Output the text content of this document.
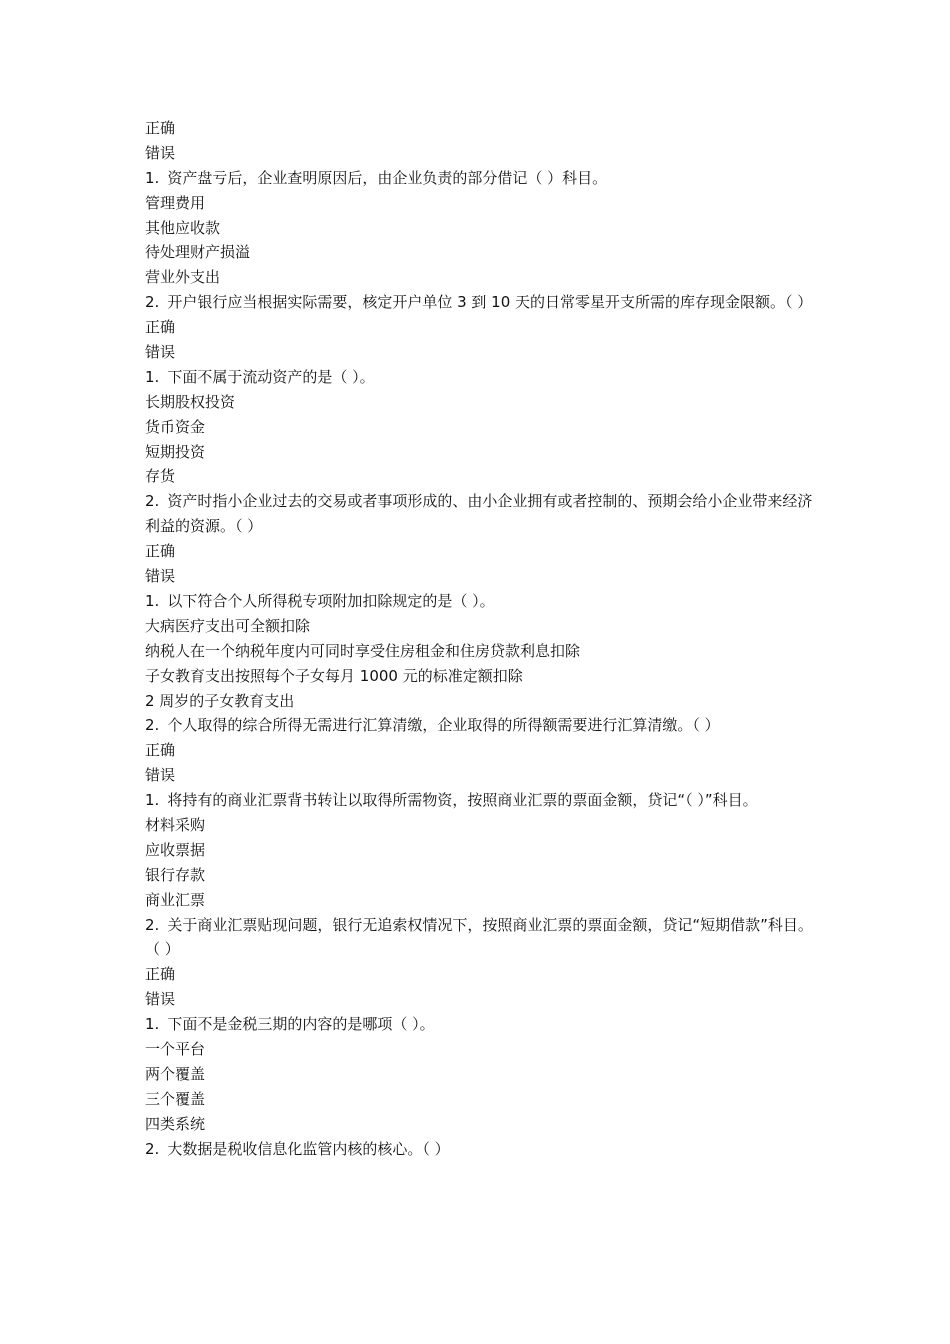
正确
错误
1. 资产盘亏后，企业查明原因后，由企业负责的部分借记（ ）科目。
管理费用
其他应收款
待处理财产损溢
营业外支出
2. 开户银行应当根据实际需要，核定开户单位 3 到 10 天的日常零星开支所需的库存现金限额。（ ）
正确
错误
1. 下面不属于流动资产的是（ ）。
长期股权投资
货币资金
短期投资
存货
2. 资产时指小企业过去的交易或者事项形成的、由小企业拥有或者控制的、预期会给小企业带来经济利益的资源。（ ）
正确
错误
1. 以下符合个人所得税专项附加扣除规定的是（ ）。
大病医疗支出可全额扣除
纳税人在一个纳税年度内可同时享受住房租金和住房贷款利息扣除
子女教育支出按照每个子女每月 1000 元的标准定额扣除
2 周岁的子女教育支出
2. 个人取得的综合所得无需进行汇算清缴，企业取得的所得额需要进行汇算清缴。（ ）
正确
错误
1. 将持有的商业汇票背书转让以取得所需物资，按照商业汇票的票面金额，贷记“（ ）”科目。
材料采购
应收票据
银行存款
商业汇票
2. 关于商业汇票贴现问题，银行无追索权情况下，按照商业汇票的票面金额，贷记“短期借款”科目。（ ）
正确
错误
1. 下面不是金税三期的内容的是哪项（ ）。
一个平台
两个覆盖
三个覆盖
四类系统
2. 大数据是税收信息化监管内核的核心。（ ）
